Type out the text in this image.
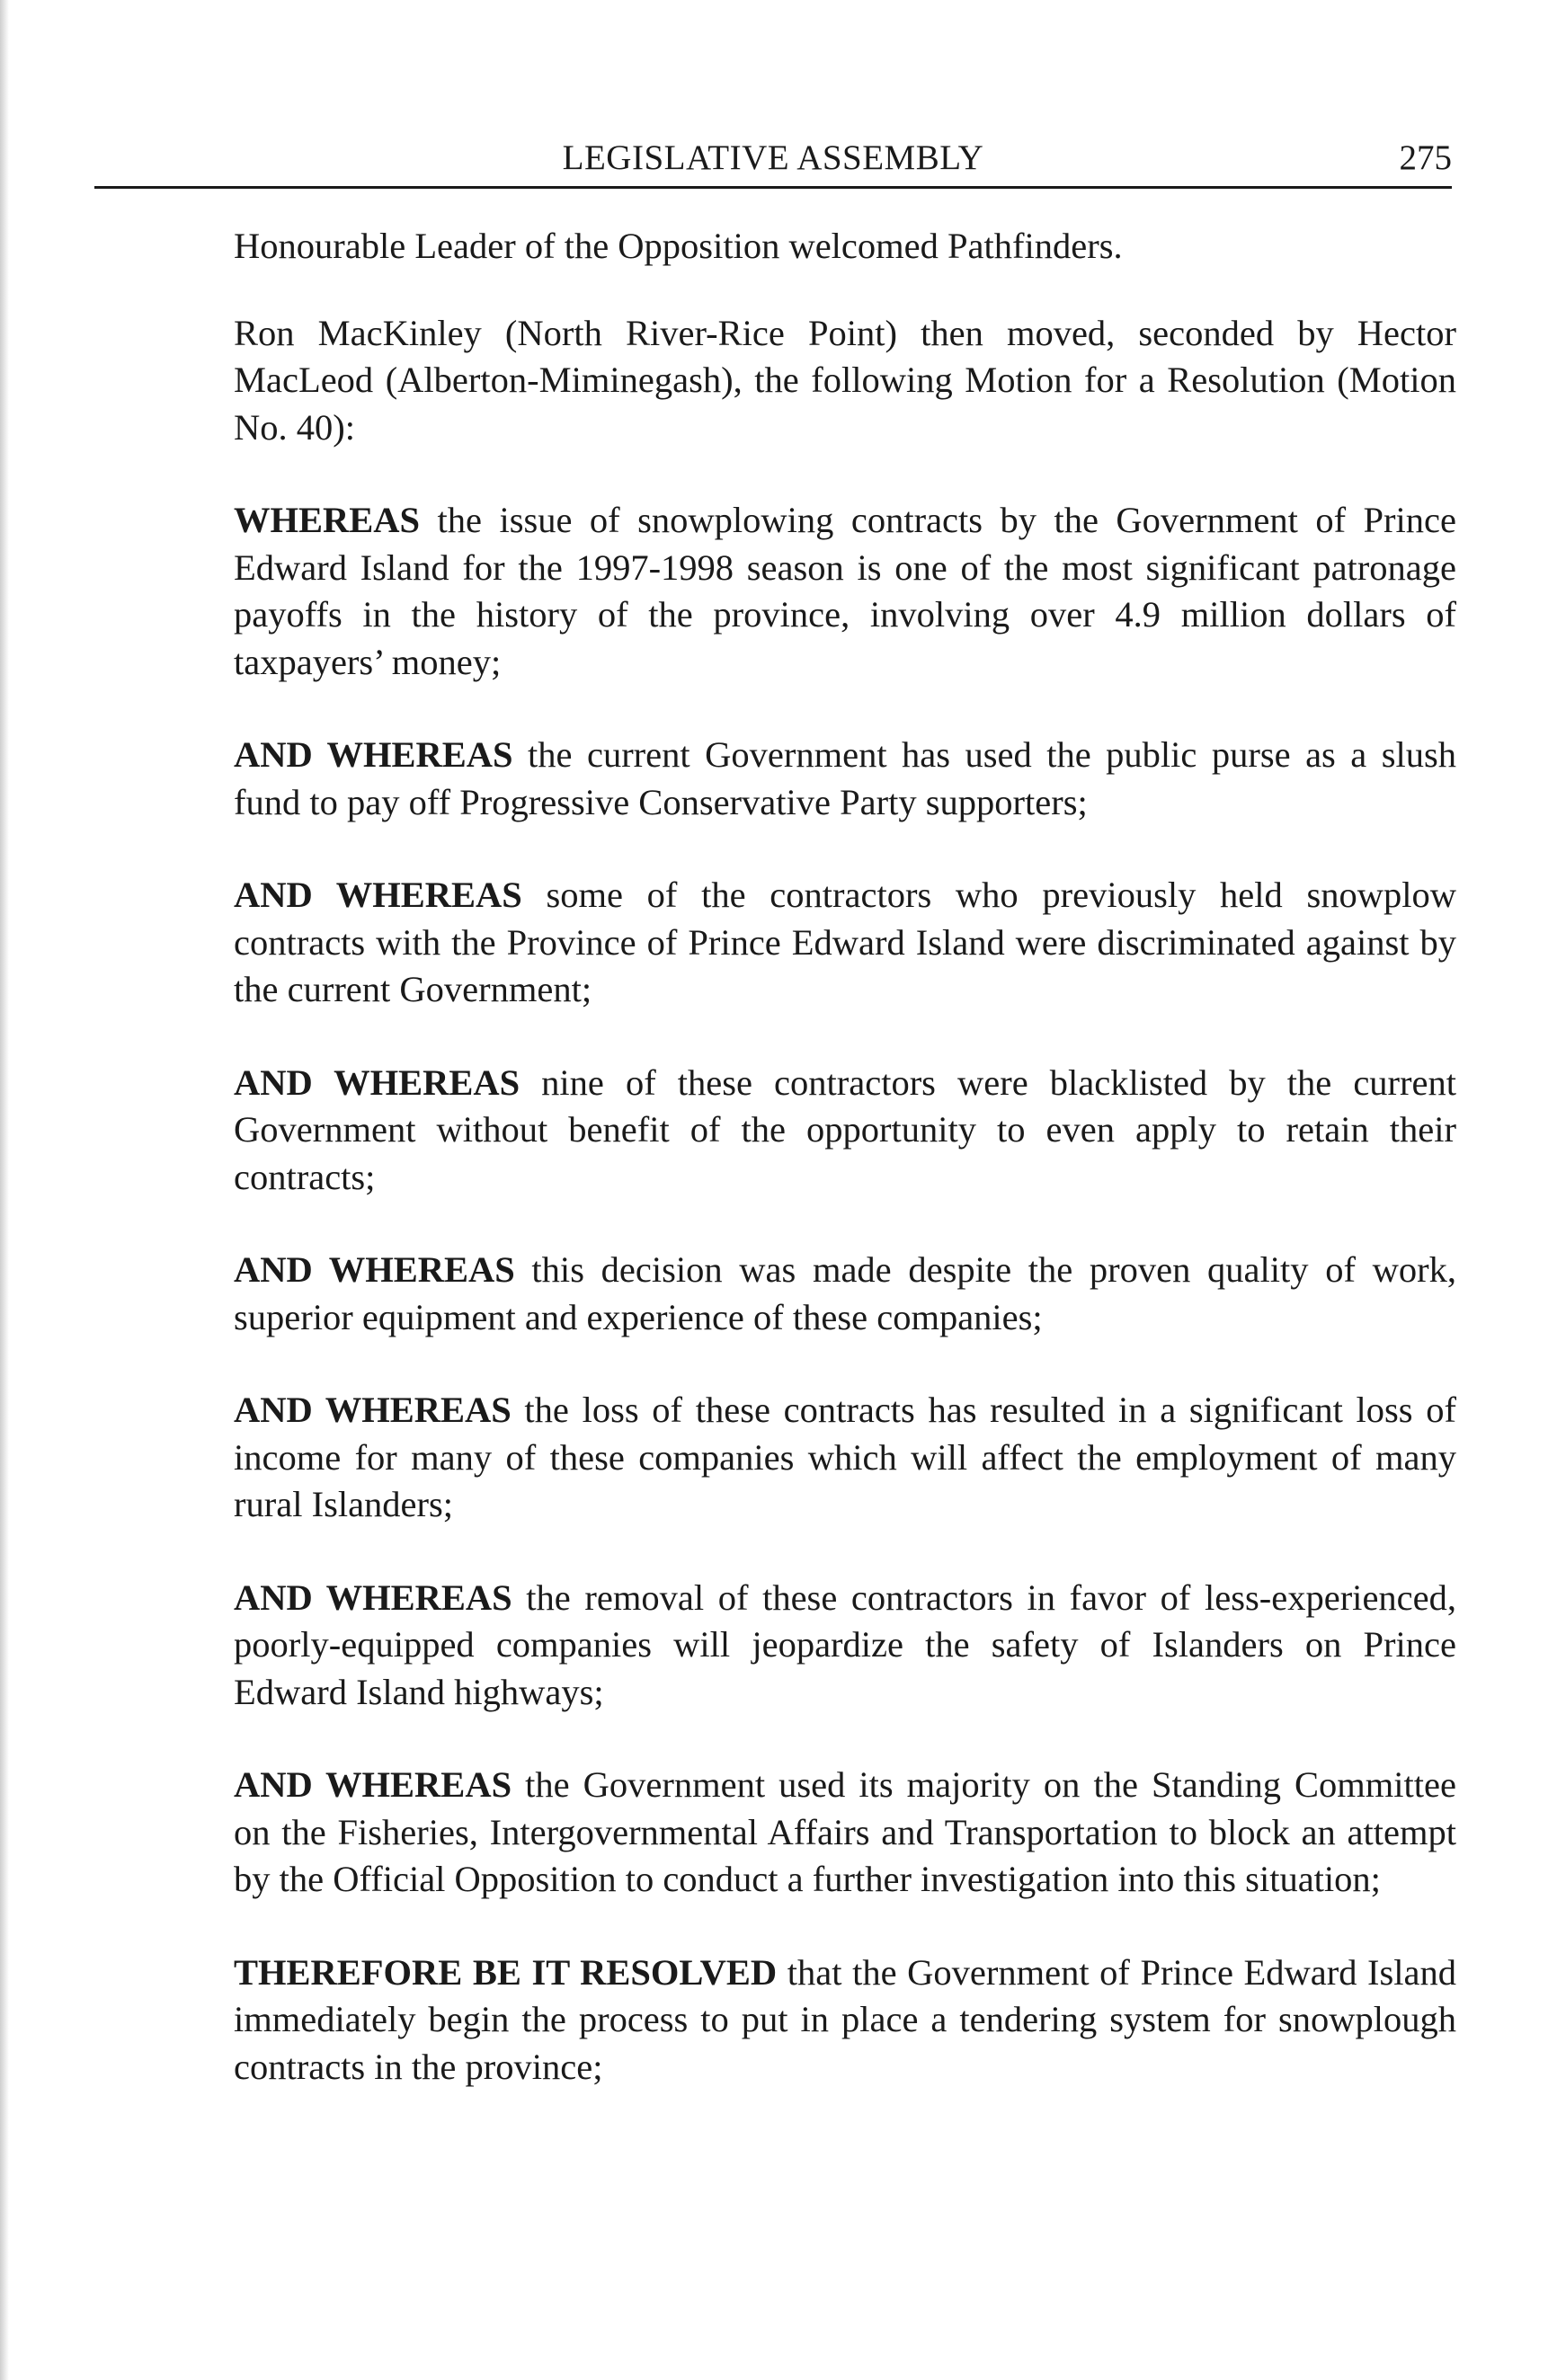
LEGISLATIVE ASSEMBLY	275

Honourable Leader of the Opposition welcomed Pathfinders.

Ron MacKinley (North River-Rice Point) then moved, seconded by Hector MacLeod (Alberton-Miminegash), the following Motion for a Resolution (Motion No. 40):

WHEREAS the issue of snowplowing contracts by the Government of Prince Edward Island for the 1997-1998 season is one of the most significant patronage payoffs in the history of the province, involving over 4.9 million dollars of taxpayers’ money;

AND WHEREAS the current Government has used the public purse as a slush fund to pay off Progressive Conservative Party supporters;

AND WHEREAS some of the contractors who previously held snowplow contracts with the Province of Prince Edward Island were discriminated against by the current Government;

AND WHEREAS nine of these contractors were blacklisted by the current Government without benefit of the opportunity to even apply to retain their contracts;

AND WHEREAS this decision was made despite the proven quality of work, superior equipment and experience of these companies;

AND WHEREAS the loss of these contracts has resulted in a significant loss of income for many of these companies which will affect the employment of many rural Islanders;

AND WHEREAS the removal of these contractors in favor of less-experienced, poorly-equipped companies will jeopardize the safety of Islanders on Prince Edward Island highways;

AND WHEREAS the Government used its majority on the Standing Committee on the Fisheries, Intergovernmental Affairs and Transportation to block an attempt by the Official Opposition to conduct a further investigation into this situation;

THEREFORE BE IT RESOLVED that the Government of Prince Edward Island immediately begin the process to put in place a tendering system for snowplough contracts in the province;
